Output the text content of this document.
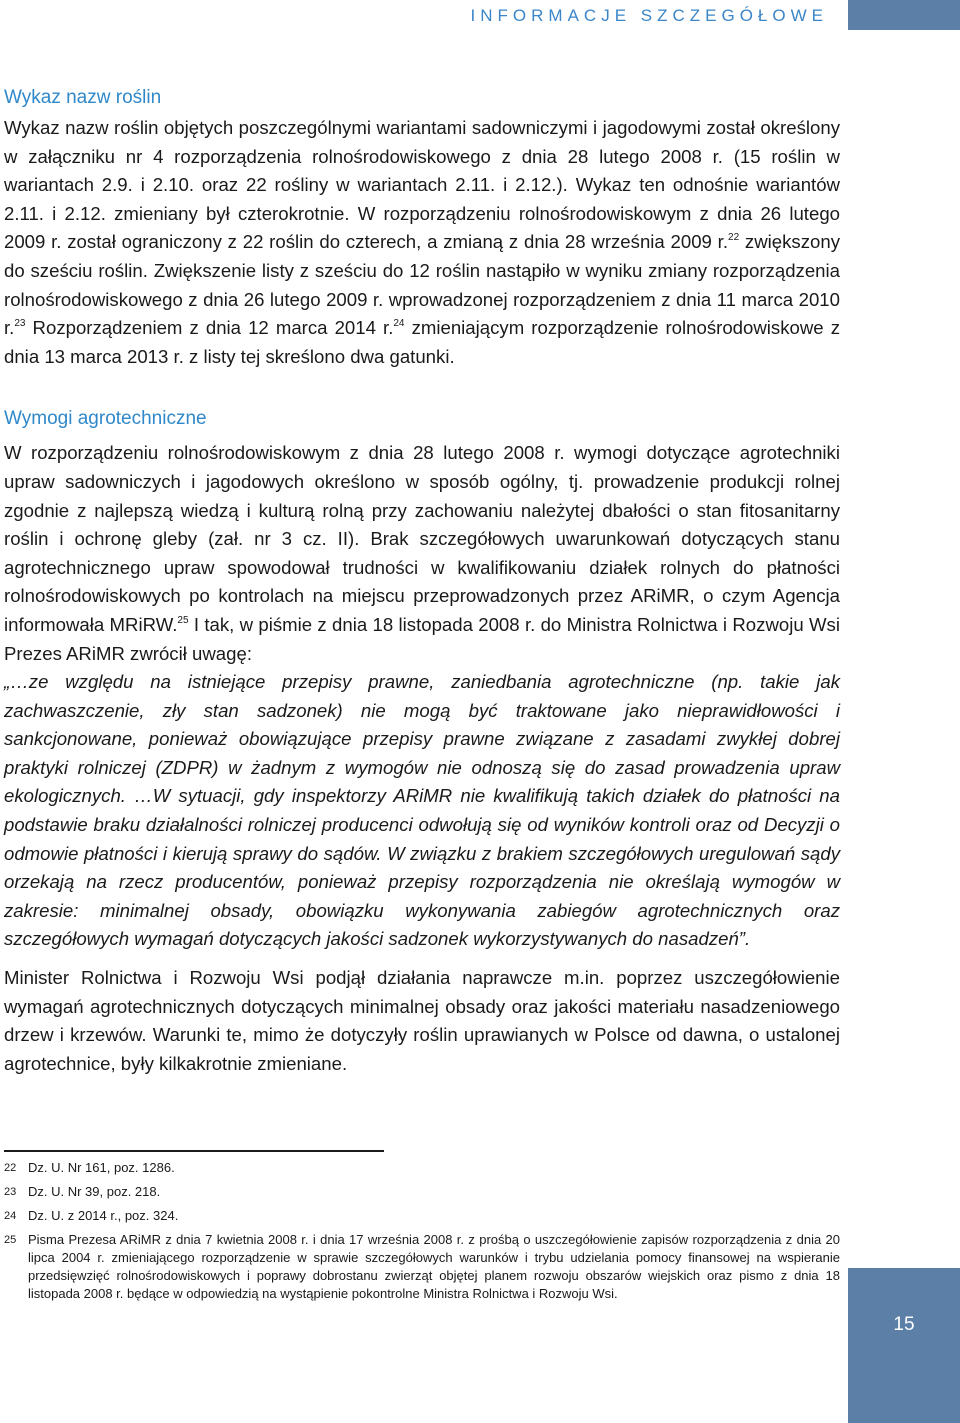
INFORMACJE SZCZEGÓŁOWE
Wykaz nazw roślin

Wykaz nazw roślin objętych poszczególnymi wariantami sadowniczymi i jagodowymi został określony w załączniku nr 4 rozporządzenia rolnośrodowiskowego z dnia 28 lutego 2008 r. (15 roślin w wariantach 2.9. i 2.10. oraz 22 rośliny w wariantach 2.11. i 2.12.). Wykaz ten odnośnie wariantów 2.11. i 2.12. zmieniany był czterokrotnie. W rozporządzeniu rolnośrodowiskowym z dnia 26 lutego 2009 r. został ograniczony z 22 roślin do czterech, a zmianą z dnia 28 września 2009 r.$^{22}$ zwiększony do sześciu roślin. Zwiększenie listy z sześciu do 12 roślin nastąpiło w wyniku zmiany rozporządzenia rolnośrodowiskowego z dnia 26 lutego 2009 r. wprowadzonej rozporządzeniem z dnia 11 marca 2010 r.$^{23}$ Rozporządzeniem z dnia 12 marca 2014 r.$^{24}$ zmieniającym rozporządzenie rolnośrodowiskowe z dnia 13 marca 2013 r. z listy tej skreślono dwa gatunki.

Wymogi agrotechniczne

W rozporządzeniu rolnośrodowiskowym z dnia 28 lutego 2008 r. wymogi dotyczące agrotechniki upraw sadowniczych i jagodowych określono w sposób ogólny, tj. prowadzenie produkcji rolnej zgodnie z najlepszą wiedzą i kulturą rolną przy zachowaniu należytej dbałości o stan fitosanitarny roślin i ochronę gleby (zał. nr 3 cz. II). Brak szczegółowych uwarunkowań dotyczących stanu agrotechnicznego upraw spowodował trudności w kwalifikowaniu działek rolnych do płatności rolnośrodowiskowych po kontrolach na miejscu przeprowadzonych przez ARiMR, o czym Agencja informowała MRiRW.$^{25}$ I tak, w piśmie z dnia 18 listopada 2008 r. do Ministra Rolnictwa i Rozwoju Wsi Prezes ARiMR zwrócił uwagę:

„…ze względu na istniejące przepisy prawne, zaniedbania agrotechniczne (np. takie jak zachwaszczenie, zły stan sadzonek) nie mogą być traktowane jako nieprawidłowości i sankcjonowane, ponieważ obowiązujące przepisy prawne związane z zasadami zwykłej dobrej praktyki rolniczej (ZDPR) w żadnym z wymogów nie odnoszą się do zasad prowadzenia upraw ekologicznych. …W sytuacji, gdy inspektorzy ARiMR nie kwalifikują takich działek do płatności na podstawie braku działalności rolniczej producenci odwołują się od wyników kontroli oraz od Decyzji o odmowie płatności i kierują sprawy do sądów. W związku z brakiem szczegółowych uregulowań sądy orzekają na rzecz producentów, ponieważ przepisy rozporządzenia nie określają wymogów w zakresie: minimalnej obsady, obowiązku wykonywania zabiegów agrotechnicznych oraz szczegółowych wymagań dotyczących jakości sadzonek wykorzystywanych do nasadzeń”.

Minister Rolnictwa i Rozwoju Wsi podjął działania naprawcze m.in. poprzez uszczegółowienie wymagań agrotechnicznych dotyczących minimalnej obsady oraz jakości materiału nasadzeniowego drzew i krzewów. Warunki te, mimo że dotyczyły roślin uprawianych w Polsce od dawna, o ustalonej agrotechnice, były kilkakrotnie zmieniane.

22 Dz. U. Nr 161, poz. 1286.
23 Dz. U. Nr 39, poz. 218.
24 Dz. U. z 2014 r., poz. 324.
25 Pisma Prezesa ARiMR z dnia 7 kwietnia 2008 r. i dnia 17 września 2008 r. z prośbą o uszczegółowienie zapisów rozporządzenia z dnia 20 lipca 2004 r. zmieniającego rozporządzenie w sprawie szczegółowych warunków i trybu udzielania pomocy finansowej na wspieranie przedsięwzięć rolnośrodowiskowych i poprawy dobrostanu zwierząt objętej planem rozwoju obszarów wiejskich oraz pismo z dnia 18 listopada 2008 r. będące w odpowiedzią na wystąpienie pokontrolne Ministra Rolnictwa i Rozwoju Wsi.
15
